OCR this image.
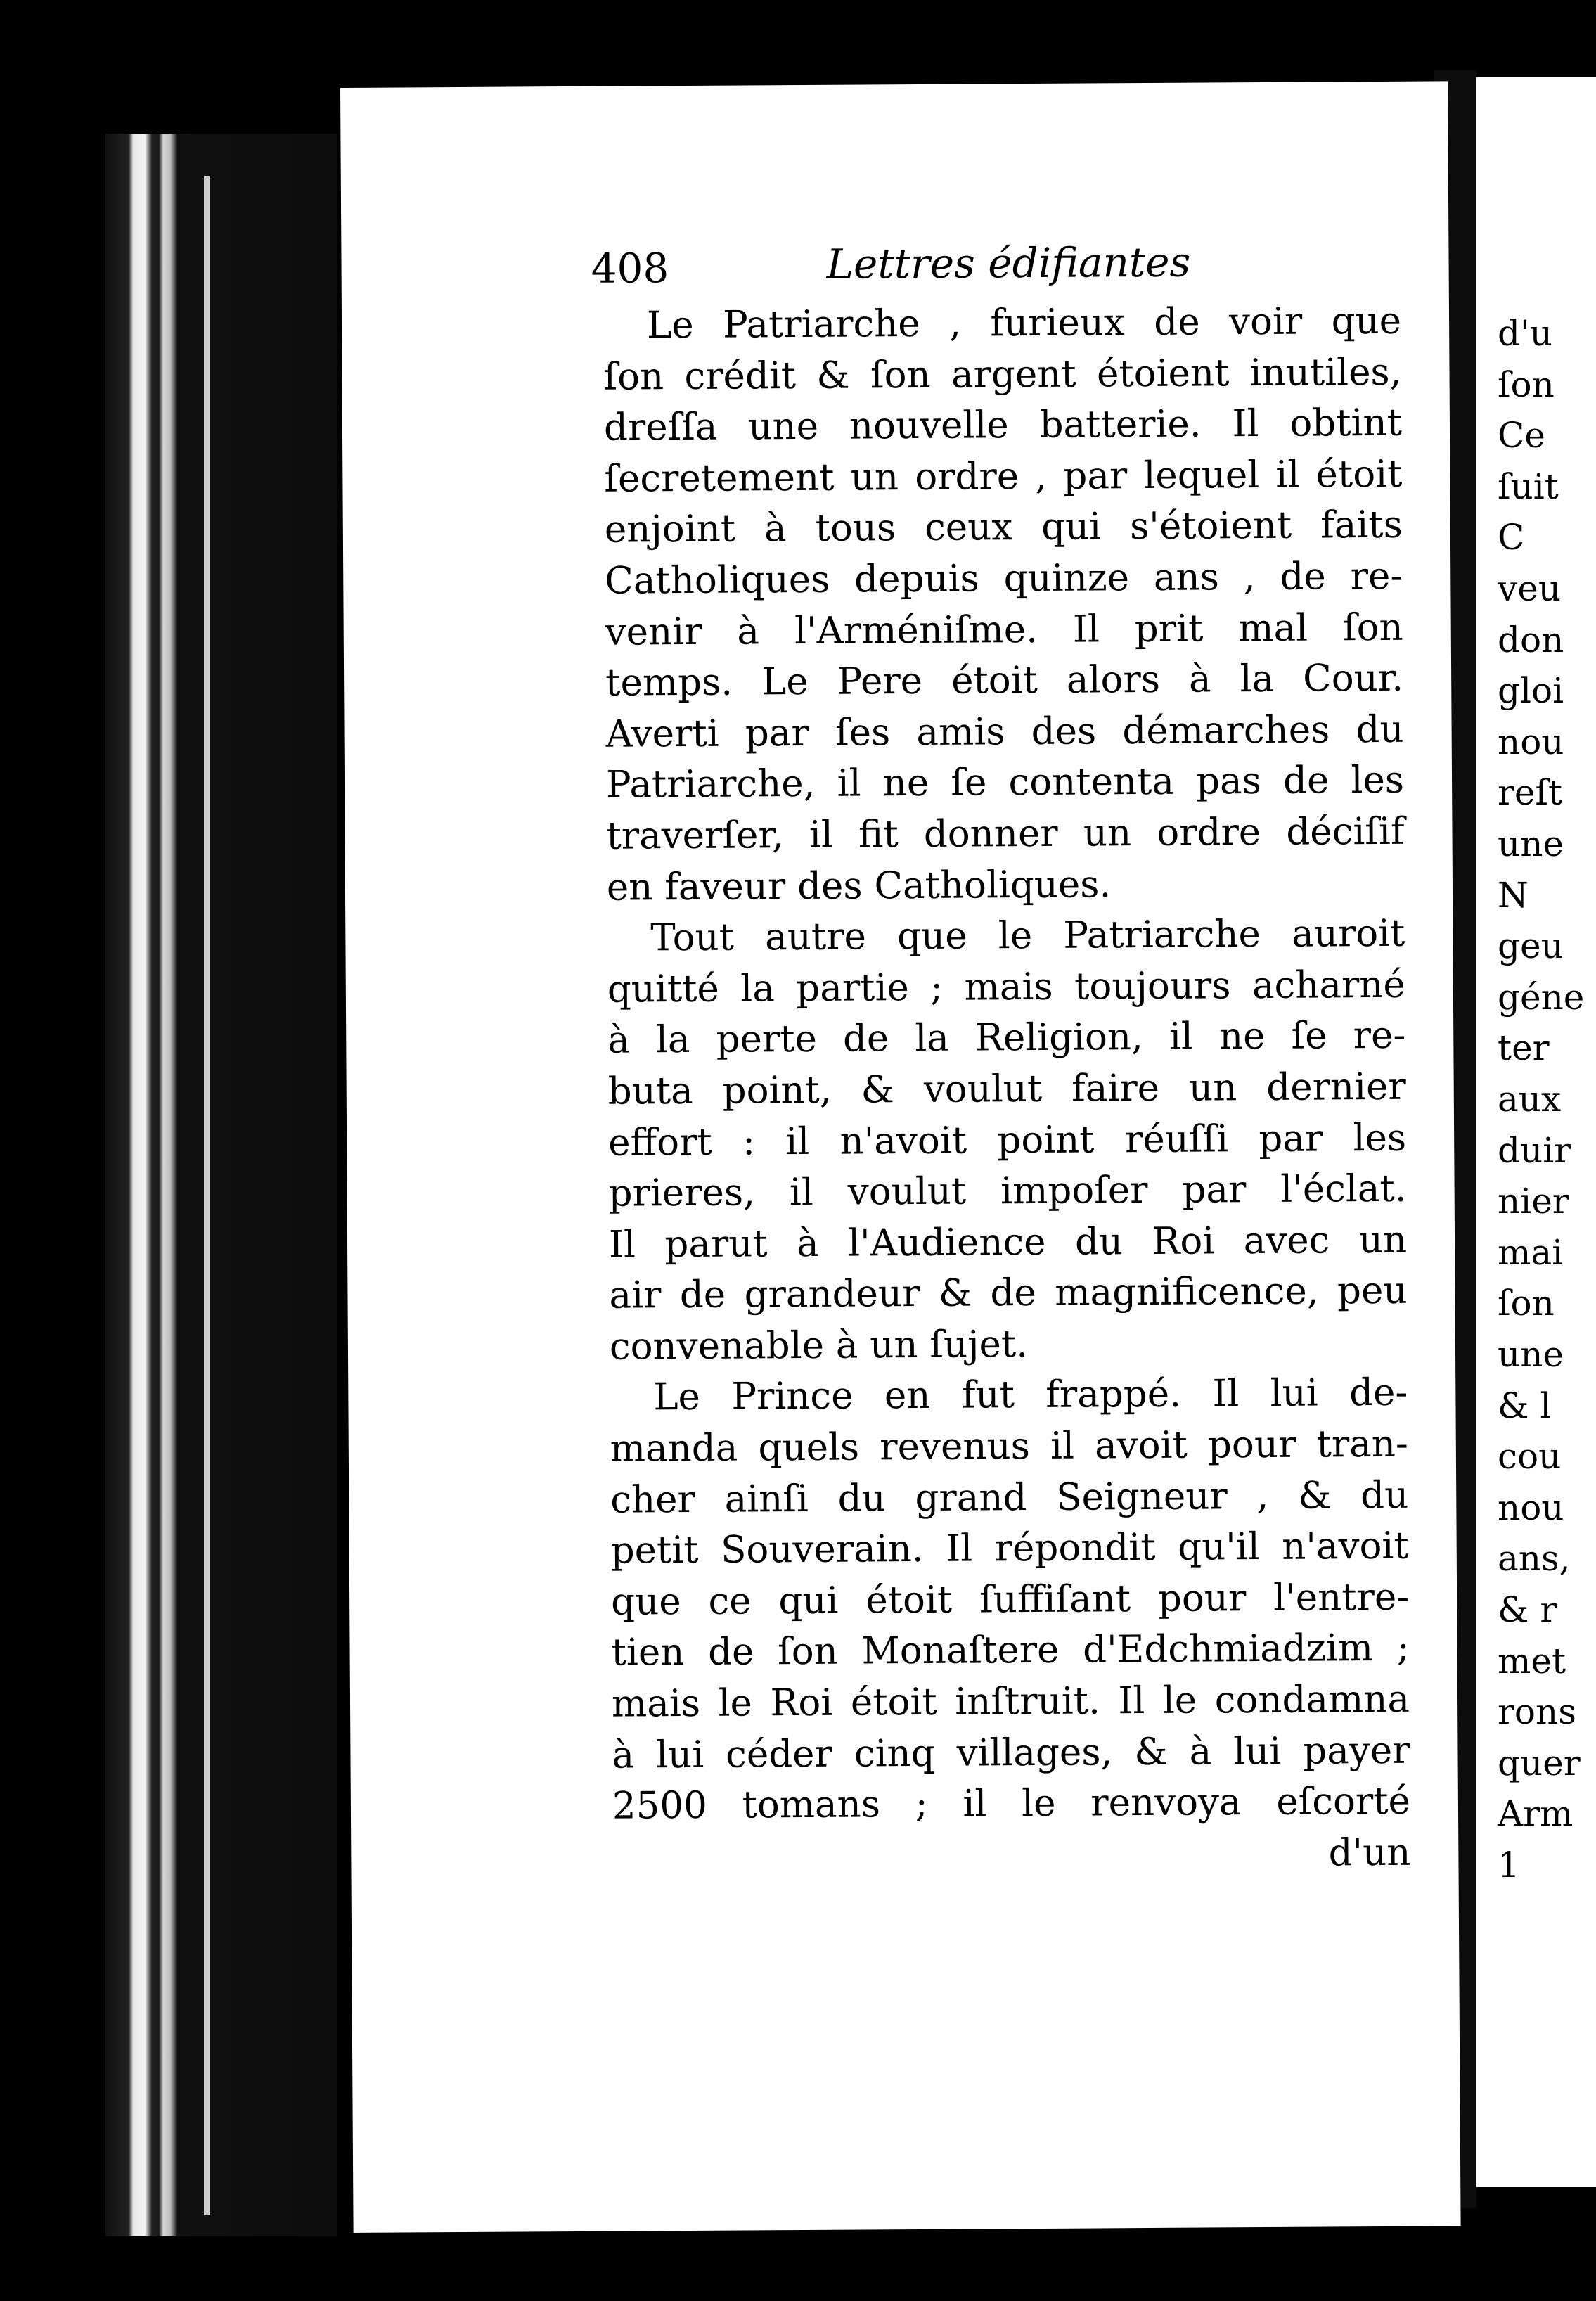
d'u
ſon
Ce
ſuit
C
veu
don
gloi
nou
reſt
une
N
geu
géne
ter
aux
duir
nier
mai
ſon
une
& l
cou
nou
ans,
& r
met
rons
quer
Arm
1
408	Lettres édifiantes
Le Patriarche , furieux de voir que
ſon crédit & ſon argent étoient inutiles,
dreſſa une nouvelle batterie. Il obtint
ſecretement un ordre , par lequel il étoit
enjoint à tous ceux qui s'étoient faits
Catholiques depuis quinze ans , de re-
venir à l'Arméniſme. Il prit mal ſon
temps. Le Pere étoit alors à la Cour.
Averti par ſes amis des démarches du
Patriarche, il ne ſe contenta pas de les
traverſer, il fit donner un ordre déciſif
en faveur des Catholiques.
Tout autre que le Patriarche auroit
quitté la partie ; mais toujours acharné
à la perte de la Religion, il ne ſe re-
buta point, & voulut faire un dernier
effort : il n'avoit point réuſſi par les
prieres, il voulut impoſer par l'éclat.
Il parut à l'Audience du Roi avec un
air de grandeur & de magnificence, peu
convenable à un ſujet.
Le Prince en fut frappé. Il lui de-
manda quels revenus il avoit pour tran-
cher ainſi du grand Seigneur , & du
petit Souverain. Il répondit qu'il n'avoit
que ce qui étoit ſuffiſant pour l'entre-
tien de ſon Monaſtere d'Edchmiadzim ;
mais le Roi étoit inſtruit. Il le condamna
à lui céder cinq villages, & à lui payer
2500 tomans ; il le renvoya eſcorté
d'un
